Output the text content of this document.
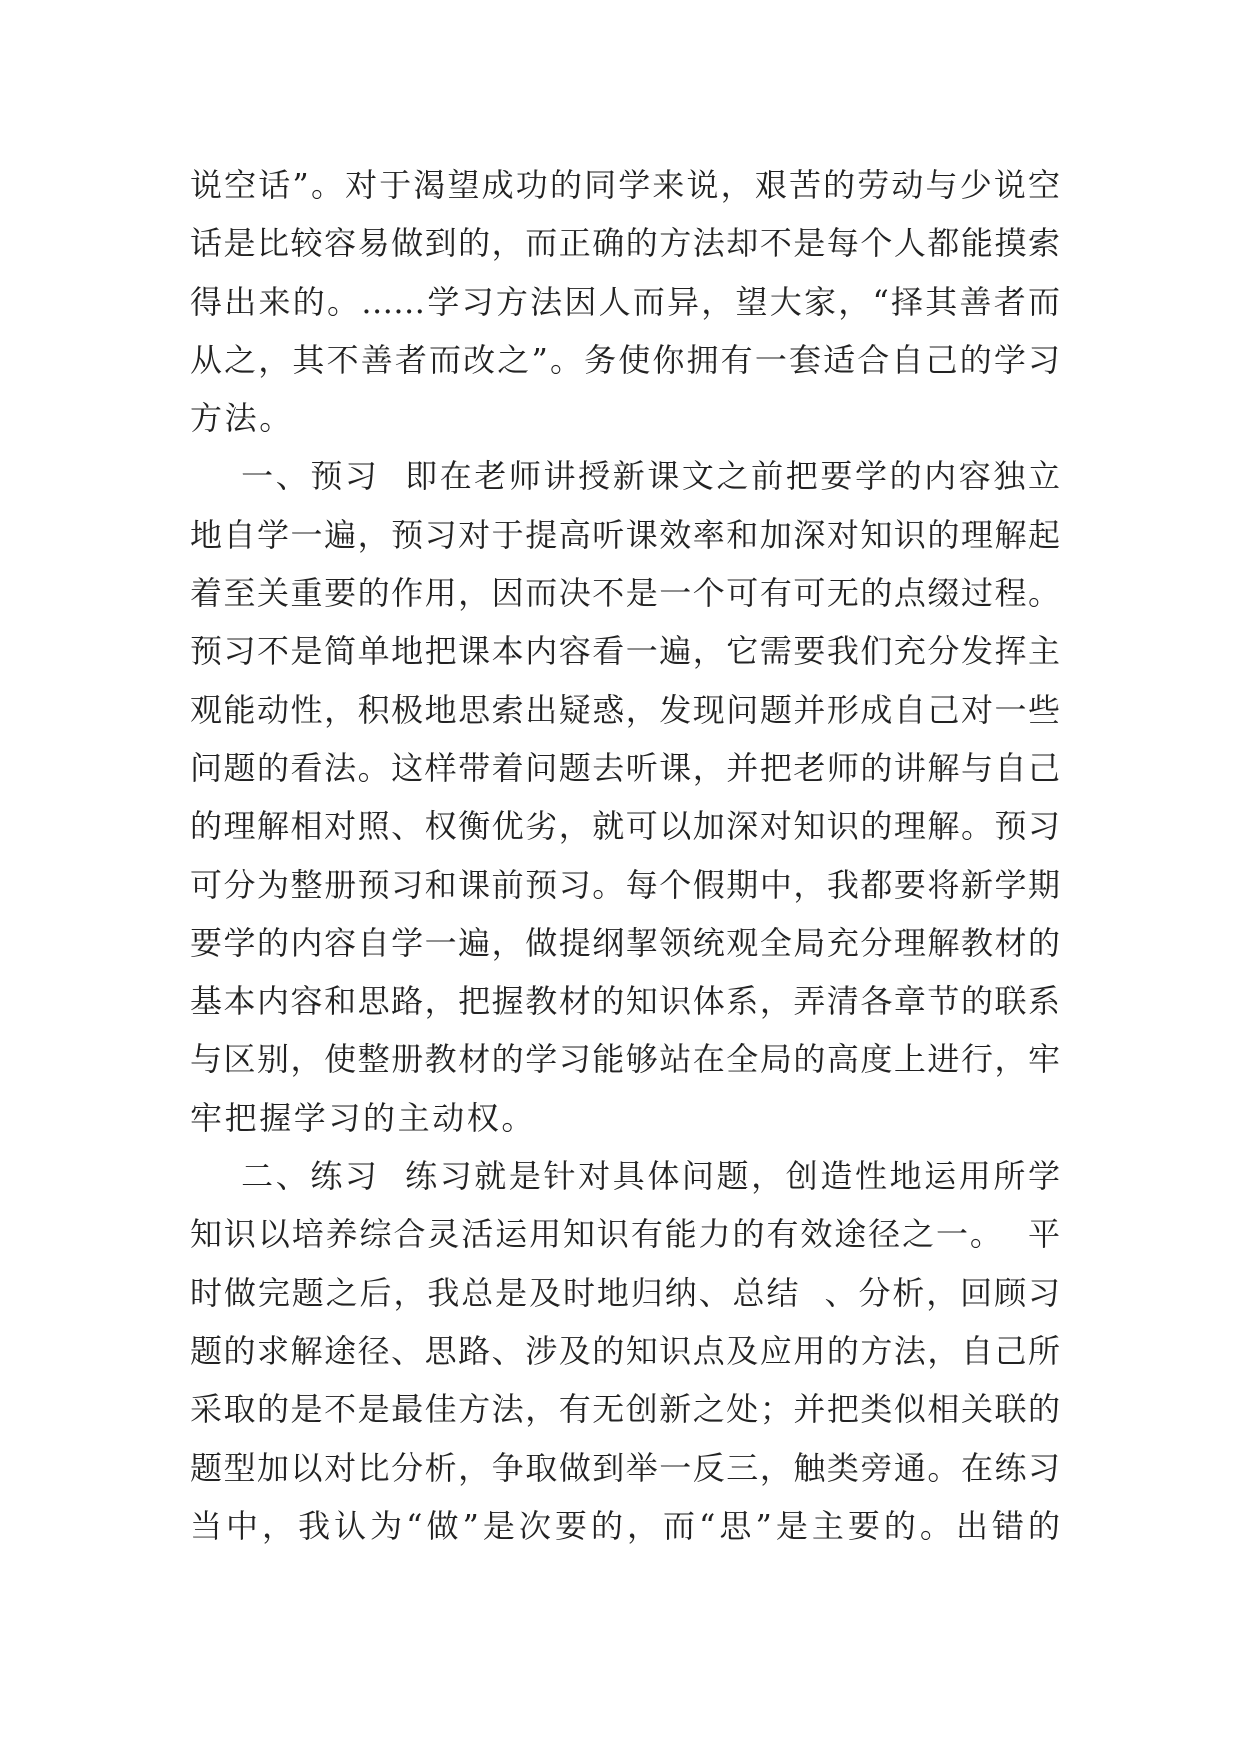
说空话”。对于渴望成功的同学来说，艰苦的劳动与少说空
话是比较容易做到的，而正确的方法却不是每个人都能摸索
得出来的。……学习方法因人而异，望大家，“择其善者而
从之，其不善者而改之”。务使你拥有一套适合自己的学习
方法。
一、预习  即在老师讲授新课文之前把要学的内容独立
地自学一遍，预习对于提高听课效率和加深对知识的理解起
着至关重要的作用，因而决不是一个可有可无的点缀过程。
预习不是简单地把课本内容看一遍，它需要我们充分发挥主
观能动性，积极地思索出疑惑，发现问题并形成自己对一些
问题的看法。这样带着问题去听课，并把老师的讲解与自己
的理解相对照、权衡优劣，就可以加深对知识的理解。预习
可分为整册预习和课前预习。每个假期中，我都要将新学期
要学的内容自学一遍，做提纲挈领统观全局充分理解教材的
基本内容和思路，把握教材的知识体系，弄清各章节的联系
与区别，使整册教材的学习能够站在全局的高度上进行，牢
牢把握学习的主动权。
二、练习  练习就是针对具体问题，创造性地运用所学
知识以培养综合灵活运用知识有能力的有效途径之一。  平
时做完题之后，我总是及时地归纳、总结  、分析，回顾习
题的求解途径、思路、涉及的知识点及应用的方法，自己所
采取的是不是最佳方法，有无创新之处；并把类似相关联的
题型加以对比分析，争取做到举一反三，触类旁通。在练习
当中，我认为“做”是次要的，而“思”是主要的。出错的
